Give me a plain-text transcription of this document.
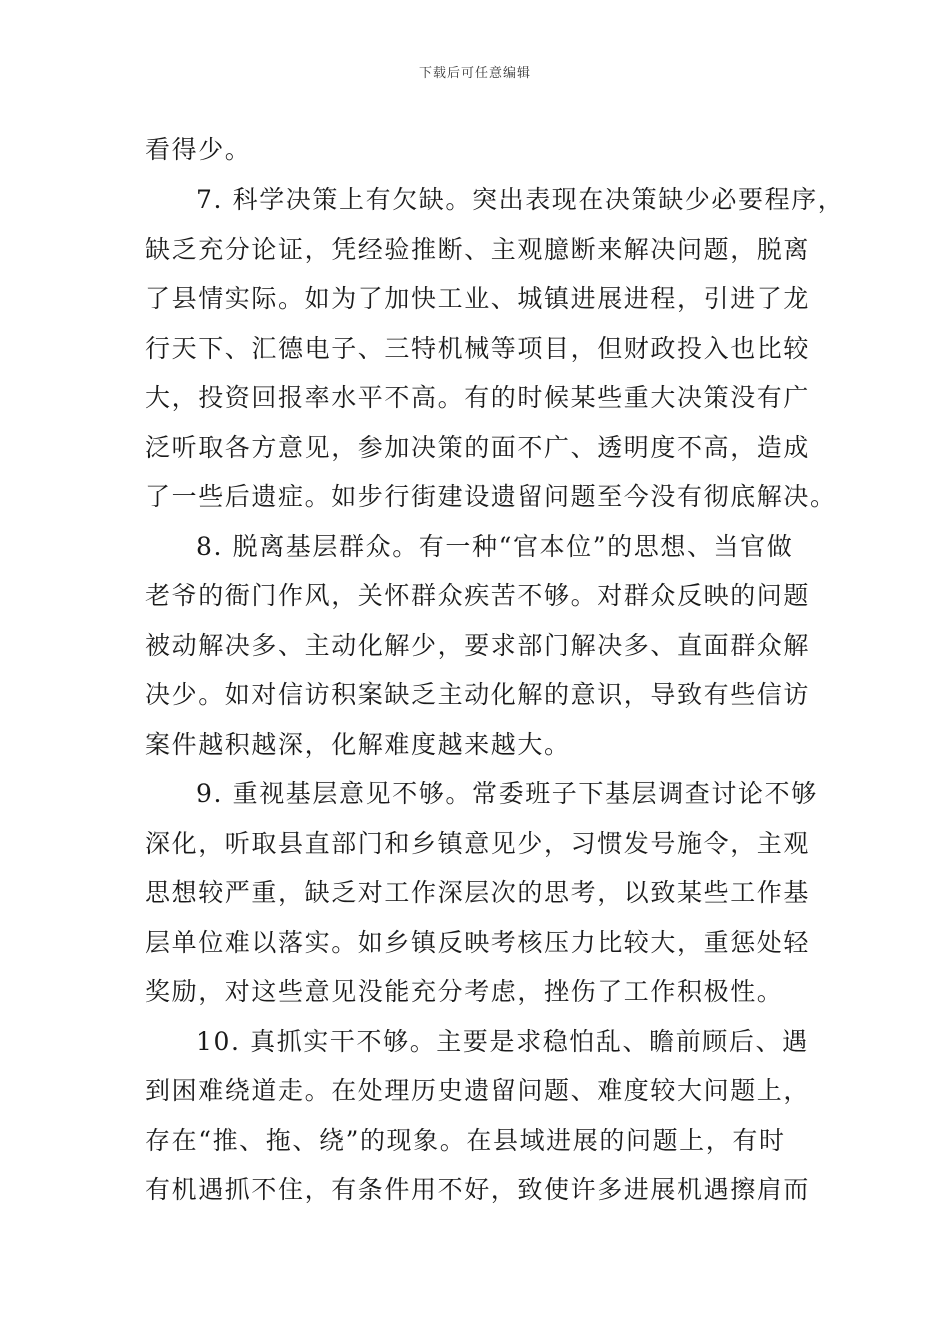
下载后可任意编辑
看得少。
7. 科学决策上有欠缺。突出表现在决策缺少必要程序，
缺乏充分论证，凭经验推断、主观臆断来解决问题，脱离
了县情实际。如为了加快工业、城镇进展进程，引进了龙
行天下、汇德电子、三特机械等项目，但财政投入也比较
大，投资回报率水平不高。有的时候某些重大决策没有广
泛听取各方意见，参加决策的面不广、透明度不高，造成
了一些后遗症。如步行街建设遗留问题至今没有彻底解决。
8. 脱离基层群众。有一种“官本位”的思想、当官做
老爷的衙门作风，关怀群众疾苦不够。对群众反映的问题
被动解决多、主动化解少，要求部门解决多、直面群众解
决少。如对信访积案缺乏主动化解的意识，导致有些信访
案件越积越深，化解难度越来越大。
9. 重视基层意见不够。常委班子下基层调查讨论不够
深化，听取县直部门和乡镇意见少，习惯发号施令，主观
思想较严重，缺乏对工作深层次的思考，以致某些工作基
层单位难以落实。如乡镇反映考核压力比较大，重惩处轻
奖励，对这些意见没能充分考虑，挫伤了工作积极性。
10. 真抓实干不够。主要是求稳怕乱、瞻前顾后、遇
到困难绕道走。在处理历史遗留问题、难度较大问题上，
存在“推、拖、绕”的现象。在县域进展的问题上，有时
有机遇抓不住，有条件用不好，致使许多进展机遇擦肩而
